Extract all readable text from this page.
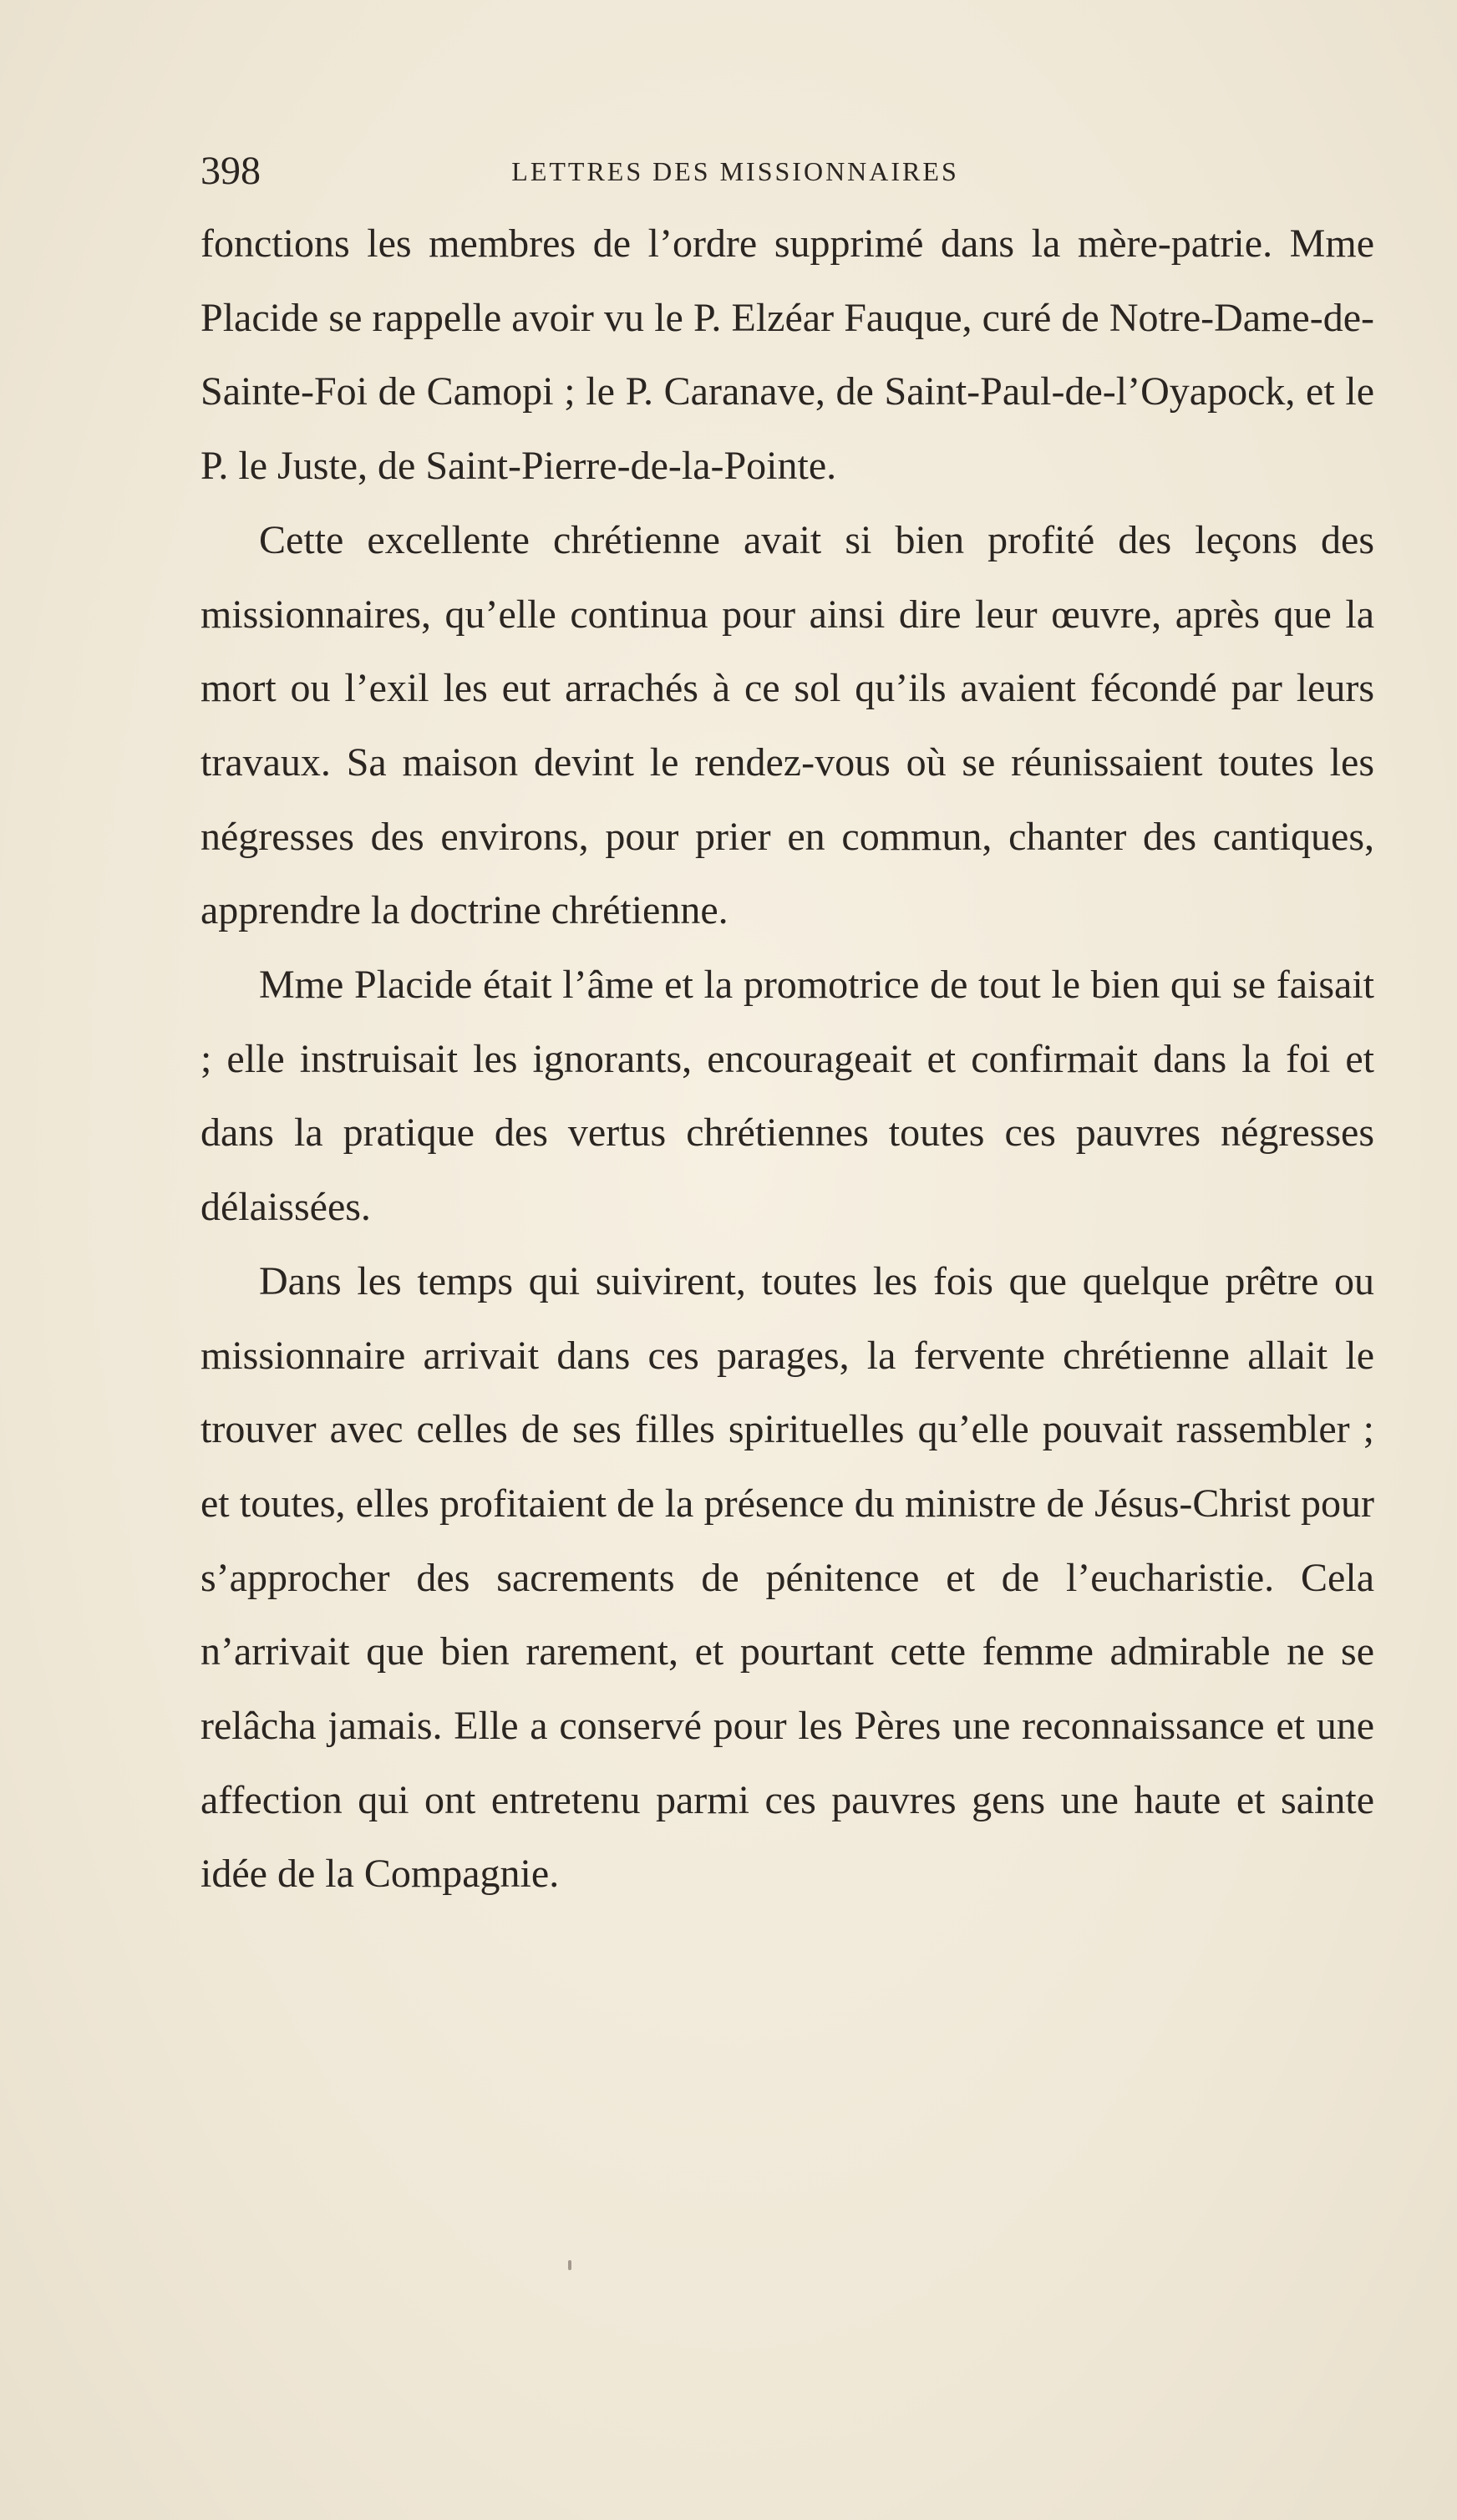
398	LETTRES DES MISSIONNAIRES

fonctions les membres de l’ordre supprimé dans la mère-patrie. Mme Placide se rappelle avoir vu le P. Elzéar Fauque, curé de Notre-Dame-de-Sainte-Foi de Camopi ; le P. Caranave, de Saint-Paul-de-l’Oyapock, et le P. le Juste, de Saint-Pierre-de-la-Pointe.

Cette excellente chrétienne avait si bien profité des leçons des missionnaires, qu’elle continua pour ainsi dire leur œuvre, après que la mort ou l’exil les eut arrachés à ce sol qu’ils avaient fécondé par leurs travaux. Sa maison devint le rendez-vous où se réunissaient toutes les négresses des environs, pour prier en commun, chanter des cantiques, apprendre la doctrine chrétienne.

Mme Placide était l’âme et la promotrice de tout le bien qui se faisait ; elle instruisait les ignorants, encourageait et confirmait dans la foi et dans la pratique des vertus chrétiennes toutes ces pauvres négresses délaissées.

Dans les temps qui suivirent, toutes les fois que quelque prêtre ou missionnaire arrivait dans ces parages, la fervente chrétienne allait le trouver avec celles de ses filles spirituelles qu’elle pouvait rassembler ; et toutes, elles profitaient de la présence du ministre de Jésus-Christ pour s’approcher des sacrements de pénitence et de l’eucharistie. Cela n’arrivait que bien rarement, et pourtant cette femme admirable ne se relâcha jamais. Elle a conservé pour les Pères une reconnaissance et une affection qui ont entretenu parmi ces pauvres gens une haute et sainte idée de la Compagnie.
